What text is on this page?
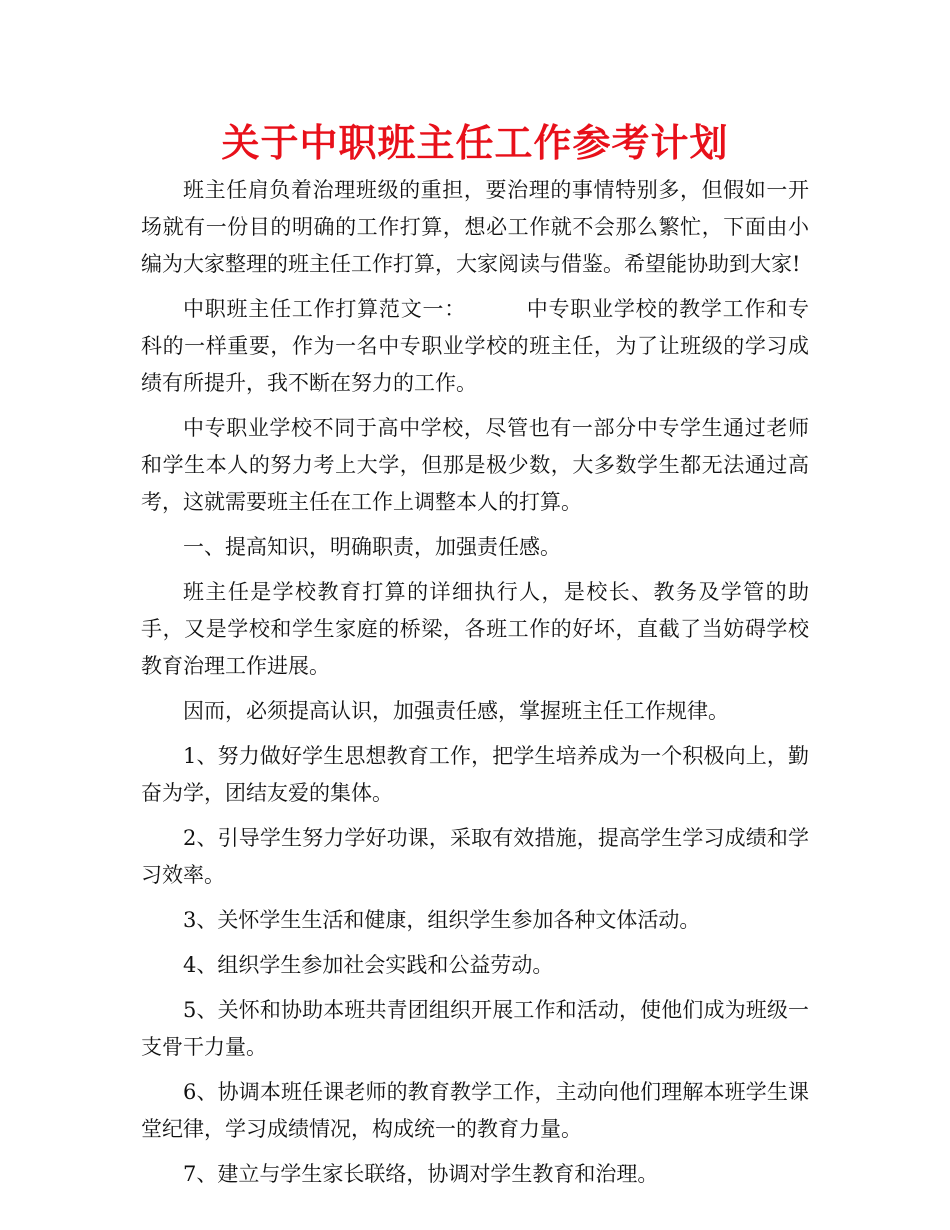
关于中职班主任工作参考计划

班主任肩负着治理班级的重担，要治理的事情特别多，但假如一开场就有一份目的明确的工作打算，想必工作就不会那么繁忙，下面由小编为大家整理的班主任工作打算，大家阅读与借鉴。希望能协助到大家!

中职班主任工作打算范文一：	中专职业学校的教学工作和专科的一样重要，作为一名中专职业学校的班主任，为了让班级的学习成绩有所提升，我不断在努力的工作。

中专职业学校不同于高中学校，尽管也有一部分中专学生通过老师和学生本人的努力考上大学，但那是极少数，大多数学生都无法通过高考，这就需要班主任在工作上调整本人的打算。

一、提高知识，明确职责，加强责任感。

班主任是学校教育打算的详细执行人，是校长、教务及学管的助手，又是学校和学生家庭的桥梁，各班工作的好坏，直截了当妨碍学校教育治理工作进展。

因而，必须提高认识，加强责任感，掌握班主任工作规律。

1、努力做好学生思想教育工作，把学生培养成为一个积极向上，勤奋为学，团结友爱的集体。

2、引导学生努力学好功课，采取有效措施，提高学生学习成绩和学习效率。

3、关怀学生生活和健康，组织学生参加各种文体活动。

4、组织学生参加社会实践和公益劳动。

5、关怀和协助本班共青团组织开展工作和活动，使他们成为班级一支骨干力量。

6、协调本班任课老师的教育教学工作，主动向他们理解本班学生课堂纪律，学习成绩情况，构成统一的教育力量。

7、建立与学生家长联络，协调对学生教育和治理。
